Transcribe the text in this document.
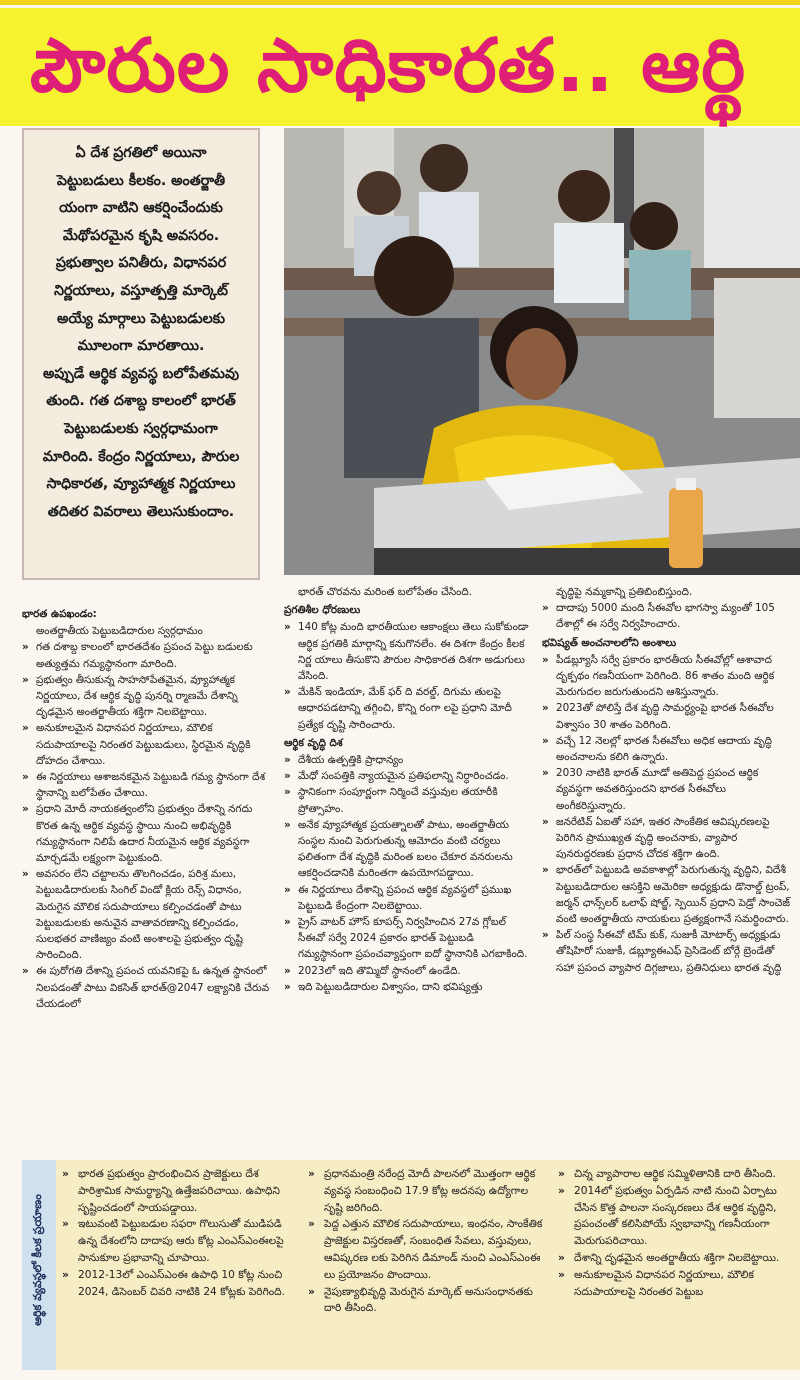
పౌరుల సాధికారత.. ఆర్థి

ఏ దేశ ప్రగతిలో అయినా

పెట్టుబడులు కీలకం. అంతర్జాతీ

యంగా వాటిని ఆకర్షించేందుకు

మేథోపరమైన కృషి అవసరం.

ప్రభుత్వాల పనితీరు, విధానపర

నిర్ణయాలు, వస్తూత్పత్తి మార్కెట్

అయ్యే మార్గాలు పెట్టుబడులకు

మూలంగా మారతాయి.

అప్పుడే ఆర్థిక వ్యవస్థ బలోపేతమవు

తుంది. గత దశాబ్ద కాలంలో భారత్

పెట్టుబడులకు స్వర్గధామంగా

మారింది. కేంద్రం నిర్ణయాలు, పౌరుల

సాధికారత, వ్యూహాత్మక నిర్ణయాలు

తదితర వివరాలు తెలుసుకుందాం.

భారత ఉపఖండం:

అంతర్జాతీయ పెట్టుబడిదారుల స్వర్గధామం

» గత దశాబ్ద కాలంలో భారతదేశం ప్రపంచ పెట్టు బడులకు అత్యుత్తమ గమ్యస్థానంగా మారింది.
» ప్రభుత్వం తీసుకున్న సాహసోపేతమైన, వ్యూహాత్మక నిర్ణయాలు, దేశ ఆర్థిక వృద్ధి పునర్ని ర్మాణమే దేశాన్ని దృఢమైన అంతర్జాతీయ శక్తిగా నిలబెట్టాయి.
» అనుకూలమైన విధానపర నిర్ణయాలు, మౌలిక సదుపాయాలపై నిరంతర పెట్టుబడులు, స్థిరమైన వృద్ధికి దోహదం చేశాయి.
» ఈ నిర్ణయాలు ఆశాజనకమైన పెట్టుబడి గమ్య స్థానంగా దేశ స్థానాన్ని బలోపేతం చేశాయి.
» ప్రధాని మోదీ నాయకత్వంలోని ప్రభుత్వం దేశాన్ని నగదు కొరత ఉన్న ఆర్థిక వ్యవస్థ స్థాయి నుంచి అభివృద్ధికి గమ్యస్థానంగా నిలిపే ఉదార నీయమైన ఆర్థిక వ్యవస్థగా మార్చడమే లక్ష్యంగా పెట్టుకుంది.
» అవసరం లేని చట్టాలను తొలగించడం, పరిశ్ర మలు, పెట్టుబడిదారులకు సింగిల్ విండో క్లియ రెన్స్ విధానం, మెరుగైన మౌలిక సదుపాయాలు కల్పించడంతో పాటు పెట్టుబడులకు అనువైన వాతావరణాన్ని కల్పించడం, సులభతర వాణిజ్యం వంటి అంశాలపై ప్రభుత్వం దృష్టి సారించింది.
» ఈ పురోగతి దేశాన్ని ప్రపంచ యవనికపై ఓ ఉన్నత స్థానంలో నిలపడంతో పాటు వికసిత్ భారత్@2047 లక్ష్యానికి చేరువ చేయడంలో

భారత్ చొరవను మరింత బలోపేతం చేసింది.

ప్రగతిశీల ధోరణులు

» 140 కోట్ల మంది భారతీయుల ఆకాంక్షలు తెలు సుకోకుండా ఆర్థిక ప్రగతికి మార్గాన్ని కనుగొనలేం. ఈ దిశగా కేంద్రం కీలక నిర్ణ యాలు తీసుకొని పౌరుల సాధికారత దిశగా అడుగులు వేసింది.
» మేకిన్ ఇండియా, మేక్ ఫర్ ది వరల్డ్, దిగుమ తులపై ఆధారపడటాన్ని తగ్గించి, కొన్ని రంగా లపై ప్రధాని మోదీ ప్రత్యేక దృష్టి సారించారు.

ఆర్థిక వృద్ధి దిశ

» దేశీయ ఉత్పత్తికి ప్రాధాన్యం
» మేధో సంపత్తికి న్యాయమైన ప్రతిఫలాన్ని నిర్ధారించడం.
» స్థానికంగా సంపూర్ణంగా నిర్మించే వస్తువుల తయారీకి ప్రోత్సాహం.
» అనేక వ్యూహాత్మక ప్రయత్నాలతో పాటు, అంతర్జాతీయ సంస్థల నుంచి పెరుగుతున్న ఆమోదం వంటి చర్యలు ఫలితంగా దేశ వృద్ధికి మరింత బలం చేకూర వనరులను ఆకర్షించడానికి మరింతగా ఉపయోగపడ్డాయి.
» ఈ నిర్ణయాలు దేశాన్ని ప్రపంచ ఆర్థిక వ్యవస్థలో ప్రముఖ పెట్టుబడి కేంద్రంగా నిలబెట్టాయి.
» ప్రైస్ వాటర్ హౌస్ కూపర్స్ నిర్వహించిన 27వ గ్లోబల్ సీఈవో సర్వే 2024 ప్రకారం భారత్ పెట్టుబడి గమ్యస్థానంగా ప్రపంచవ్యాప్తంగా ఐదో స్థానానికి ఎగబాకింది.
» 2023లో ఇది తొమ్మిదో స్థానంలో ఉండేది.
» ఇది పెట్టుబడిదారుల విశ్వాసం, దాని భవిష్యత్తు

వృద్ధిపై నమ్మకాన్ని ప్రతిబింబిస్తుంది.

» దాదాపు 5000 మంది సీఈవోల భాగస్వా మ్యంతో 105 దేశాల్లో ఈ సర్వే నిర్వహించారు.

భవిష్యత్ అంచనాలలోని అంశాలు

» పీడబ్ల్యూసీ సర్వే ప్రకారం భారతీయ సీఈవోల్లో ఆశావాద దృక్పథం గణనీయంగా పెరిగింది. 86 శాతం మంది ఆర్థిక మెరుగుదల జరుగుతుందని ఆశిస్తున్నారు.
» 2023తో పోలిస్తే దేశ వృద్ధి సామర్థ్యంపై భారత సీఈవోల విశ్వాసం 30 శాతం పెరిగింది.
» వచ్చే 12 నెలల్లో భారత సీఈవోలు అధిక ఆదాయ వృద్ధి అంచనాలను కలిగి ఉన్నారు.
» 2030 నాటికి భారత్ మూడో అతిపెద్ద ప్రపంచ ఆర్థిక వ్యవస్థగా అవతరిస్తుందని భారత సీఈవోలు అంగీకరిస్తున్నారు.
» జనరేటివ్ ఏఐతో సహా, ఇతర సాంకేతిక ఆవిష్కరణలపై పెరిగిన ప్రాముఖ్యత వృద్ధి అంచనాకు, వ్యాపార పునరుద్ధరణకు ప్రధాన చోదక శక్తిగా ఉంది.
» భారత్‌లో పెట్టుబడి అవకాశాల్లో పెరుగుతున్న వృద్ధిని, విదేశీ పెట్టుబడిదారుల ఆసక్తిని అమెరికా అధ్యక్షుడు డొనాల్డ్ ట్రంప్, జర్మన్ ఛాన్స్‌లర్ ఒలాఫ్ షోల్జ్, స్పెయిన్ ప్రధాని పెడ్రో సాంచెజ్ వంటి అంతర్జాతీయ నాయకులు ప్రత్యక్షంగానే సమర్థించారు.
» పిల్ సంస్థ సీఈవో టిమ్ కుక్, సుజుకీ మోటార్స్ అధ్యక్షుడు తోషిహిరో సుజుకీ, డబ్ల్యూఈఎఫ్ ప్రెసిడెంట్ బోర్గే బ్రెండేతో సహా ప్రపంచ వ్యాపార దిగ్గజాలు, ప్రతినిధులు భారత వృద్ధి
ఆర్థిక వ్యవస్థలో కీలక ప్రయాణం
» భారత ప్రభుత్వం ప్రారంభించిన ప్రాజెక్టులు దేశ పారిశ్రామిక సామర్థ్యాన్ని ఉత్తేజపరిచాయి. ఉపాధిని సృష్టించడంలో సాయపడ్డాయి.
» ఇటువంటి పెట్టుబడుల సఫరా గొలుసుతో ముడిపడి ఉన్న దేశంలోని దాదాపు ఆరు కోట్ల ఎంఎస్ఎంఈలపై సానుకూల ప్రభావాన్ని చూపాయి.
» 2012-13లో ఎంఎస్ఎంఈ ఉపాధి 10 కోట్ల నుంచి 2024, డిసెంబర్ చివరి నాటికి 24 కోట్లకు పెరిగింది.
» ప్రధానమంత్రి నరేంద్ర మోదీ పాలనలో మొత్తంగా ఆర్థిక వ్యవస్థ సంబంధించి 17.9 కోట్ల అదనపు ఉద్యోగాల సృష్టి జరిగింది.
» పెద్ద ఎత్తున మౌలిక సదుపాయాలు, ఇంధనం, సాంకేతిక ప్రాజెక్టుల విస్తరణతో, సంబంధిత సేవలు, వస్తువులు, ఆవిష్కరణ లకు పెరిగిన డిమాండ్ నుంచి ఎంఎస్ఎంఈ లు ప్రయోజనం పొందాయి.
» నైపుణ్యాభివృద్ధి మెరుగైన మార్కెట్ అనుసంధానతకు దారి తీసింది.
» చిన్న వ్యాపారాల ఆర్థిక సమ్మిళితానికి దారి తీసింది.
» 2014లో ప్రభుత్వం ఏర్పడిన నాటి నుంచి ఏర్పాటు చేసిన కొత్త పాలనా సంస్కరణలు దేశ ఆర్థిక వృద్ధిని, ప్రపంచంతో కలిసిపోయే స్వభావాన్ని గణనీయంగా మెరుగుపరిచాయి.
» దేశాన్ని దృఢమైన అంతర్జాతీయ శక్తిగా నిలబెట్టాయి.
» అనుకూలమైన విధానపర నిర్ణయాలు, మౌలిక సదుపాయాలపై నిరంతర పెట్టుబ
